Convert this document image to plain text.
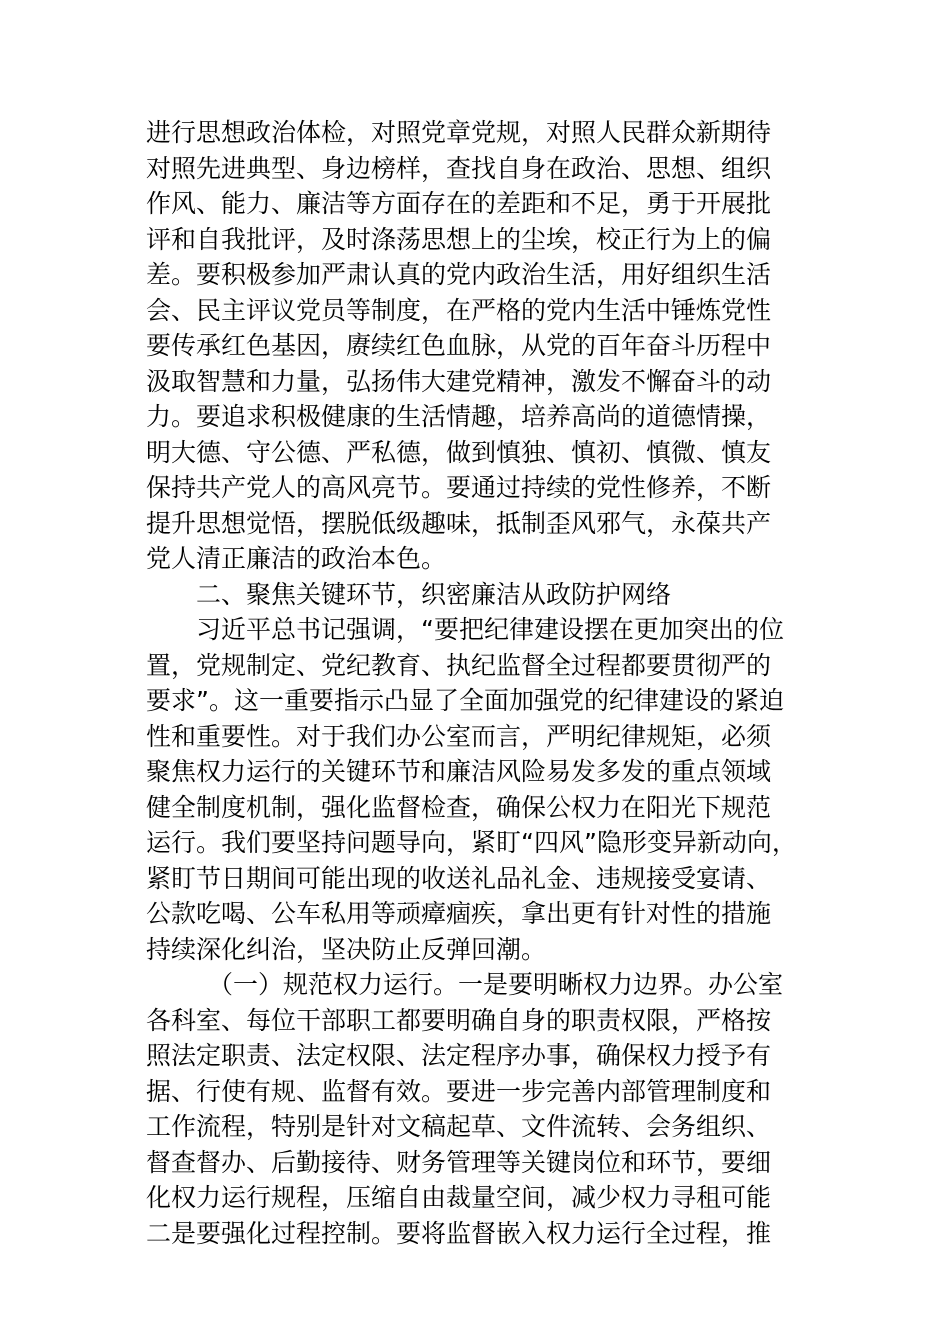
进行思想政治体检，对照党章党规，对照人民群众新期待
对照先进典型、身边榜样，查找自身在政治、思想、组织
作风、能力、廉洁等方面存在的差距和不足，勇于开展批
评和自我批评，及时涤荡思想上的尘埃，校正行为上的偏
差。要积极参加严肃认真的党内政治生活，用好组织生活
会、民主评议党员等制度，在严格的党内生活中锤炼党性
要传承红色基因，赓续红色血脉，从党的百年奋斗历程中
汲取智慧和力量，弘扬伟大建党精神，激发不懈奋斗的动
力。要追求积极健康的生活情趣，培养高尚的道德情操，
明大德、守公德、严私德，做到慎独、慎初、慎微、慎友
保持共产党人的高风亮节。要通过持续的党性修养，不断
提升思想觉悟，摆脱低级趣味，抵制歪风邪气，永葆共产
党人清正廉洁的政治本色。
二、聚焦关键环节，织密廉洁从政防护网络
习近平总书记强调，“要把纪律建设摆在更加突出的位
置，党规制定、党纪教育、执纪监督全过程都要贯彻严的
要求”。这一重要指示凸显了全面加强党的纪律建设的紧迫
性和重要性。对于我们办公室而言，严明纪律规矩，必须
聚焦权力运行的关键环节和廉洁风险易发多发的重点领域
健全制度机制，强化监督检查，确保公权力在阳光下规范
运行。我们要坚持问题导向，紧盯“四风”隐形变异新动向，
紧盯节日期间可能出现的收送礼品礼金、违规接受宴请、
公款吃喝、公车私用等顽瘴痼疾，拿出更有针对性的措施
持续深化纠治，坚决防止反弹回潮。
（一）规范权力运行。一是要明晰权力边界。办公室
各科室、每位干部职工都要明确自身的职责权限，严格按
照法定职责、法定权限、法定程序办事，确保权力授予有
据、行使有规、监督有效。要进一步完善内部管理制度和
工作流程，特别是针对文稿起草、文件流转、会务组织、
督查督办、后勤接待、财务管理等关键岗位和环节，要细
化权力运行规程，压缩自由裁量空间，减少权力寻租可能
二是要强化过程控制。要将监督嵌入权力运行全过程，推
